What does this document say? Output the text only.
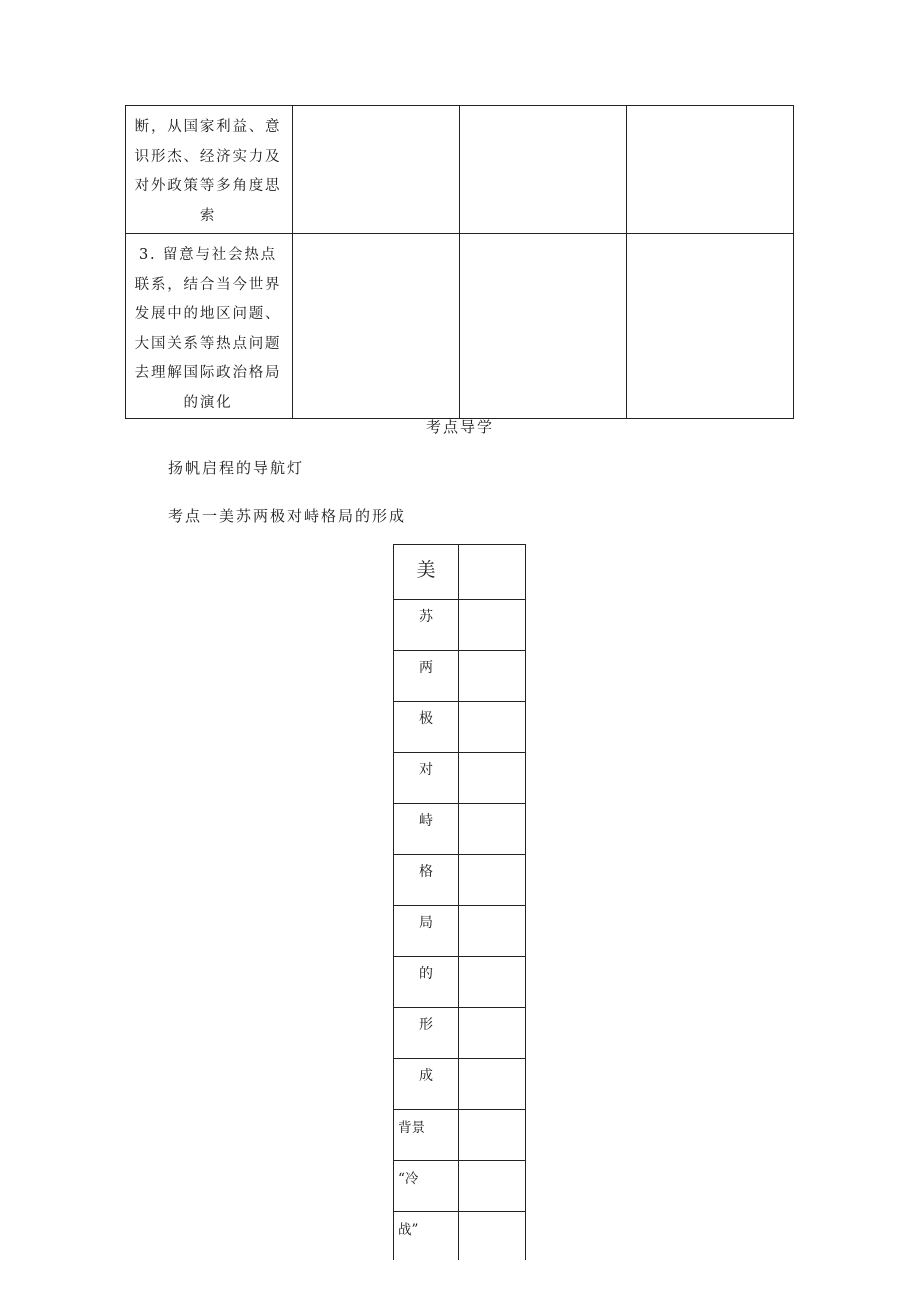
断，从国家利益、意识形杰、经济实力及对外政策等多角度思索			
3. 留意与社会热点联系，结合当今世界发展中的地区问题、大国关系等热点问题去理解国际政治格局的演化			
考点导学
扬帆启程的导航灯
考点一美苏两极对峙格局的形成
美	
苏	
两	
极	
对	
峙	
格	
局	
的	
形	
成	
背景	
“冷	
战”	
